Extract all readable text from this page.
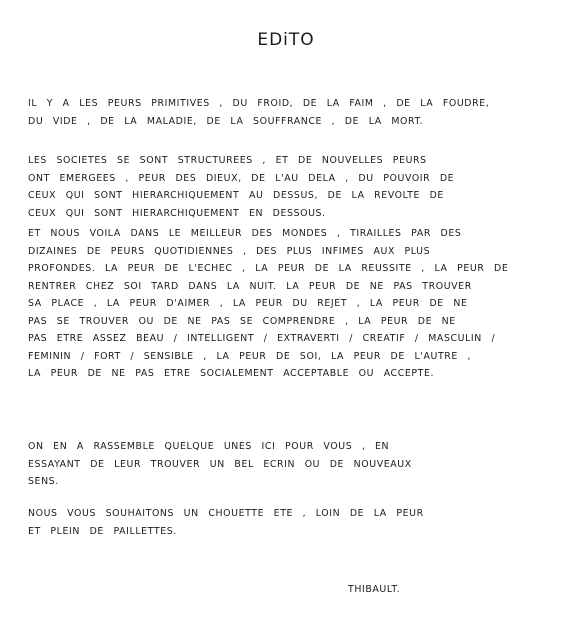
EDiTO
IL Y A LES PEURS PRIMITIVES , DU FROID, DE LA FAIM , DE LA FOUDRE,
DU VIDE , DE LA MALADIE, DE LA SOUFFRANCE , DE LA MORT.
LES SOCIETES SE SONT STRUCTUREES , ET DE NOUVELLES PEURS
ONT EMERGEES , PEUR DES DIEUX, DE L'AU DELA , DU POUVOIR DE
CEUX QUI SONT HIERARCHIQUEMENT AU DESSUS, DE LA REVOLTE DE
CEUX QUI SONT HIERARCHIQUEMENT EN DESSOUS.
ET NOUS VOILA DANS LE MEILLEUR DES MONDES , TIRAILLES PAR DES
DIZAINES DE PEURS QUOTIDIENNES , DES PLUS INFIMES AUX PLUS
PROFONDES. LA PEUR DE L'ECHEC , LA PEUR DE LA REUSSITE , LA PEUR DE
RENTRER CHEZ SOI TARD DANS LA NUIT. LA PEUR DE NE PAS TROUVER
SA PLACE , LA PEUR D'AIMER , LA PEUR DU REJET , LA PEUR DE NE
PAS SE TROUVER OU DE NE PAS SE COMPRENDRE , LA PEUR DE NE
PAS ETRE ASSEZ BEAU / INTELLIGENT / EXTRAVERTI / CREATIF / MASCULIN /
FEMININ / FORT / SENSIBLE , LA PEUR DE SOI, LA PEUR DE L'AUTRE ,
LA PEUR DE NE PAS ETRE SOCIALEMENT ACCEPTABLE OU ACCEPTE.
ON EN A RASSEMBLE QUELQUE UNES ICI POUR VOUS , EN
ESSAYANT DE LEUR TROUVER UN BEL ECRIN OU DE NOUVEAUX
SENS.
NOUS VOUS SOUHAITONS UN CHOUETTE ETE , LOIN DE LA PEUR
ET PLEIN DE PAILLETTES.
THIBAULT.
